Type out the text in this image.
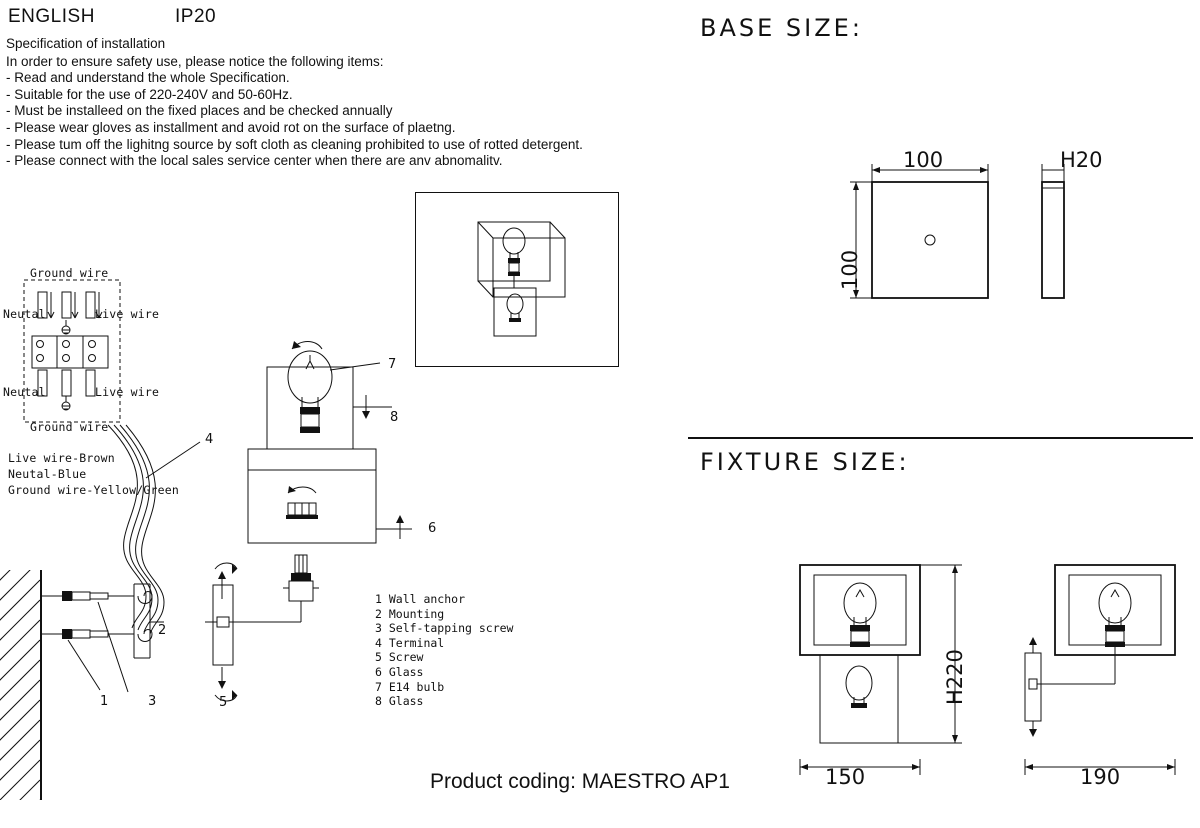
ENGLISH	IP20
Specification of installation
In order to ensure safety use, please notice the following items:
- Read and understand the whole Specification.
- Suitable for the use of 220-240V and 50-60Hz.
- Must be installeed on the fixed places and be checked annually
- Please wear gloves as installment and avoid rot on the surface of plaetng.
- Please tum off the lighitng source by soft cloth as cleaning prohibited to use of rotted detergent.
- Please connect with the local sales service center when there are anv abnomalitv.
Ground wire
Neutal	Live wire
Neutal	Live wire
Ground wire
Live wire-Brown
Neutal-Blue
Ground wire-Yellow/Green
4
1	3
2
5
7
8
6
1 Wall anchor
2 Mounting
3 Self-tapping screw
4 Terminal
5 Screw
6 Glass
7 E14 bulb
8 Glass
BASE SIZE:
100
100
H20
FIXTURE SIZE:
150
H220
190
Product coding: MAESTRO AP1
